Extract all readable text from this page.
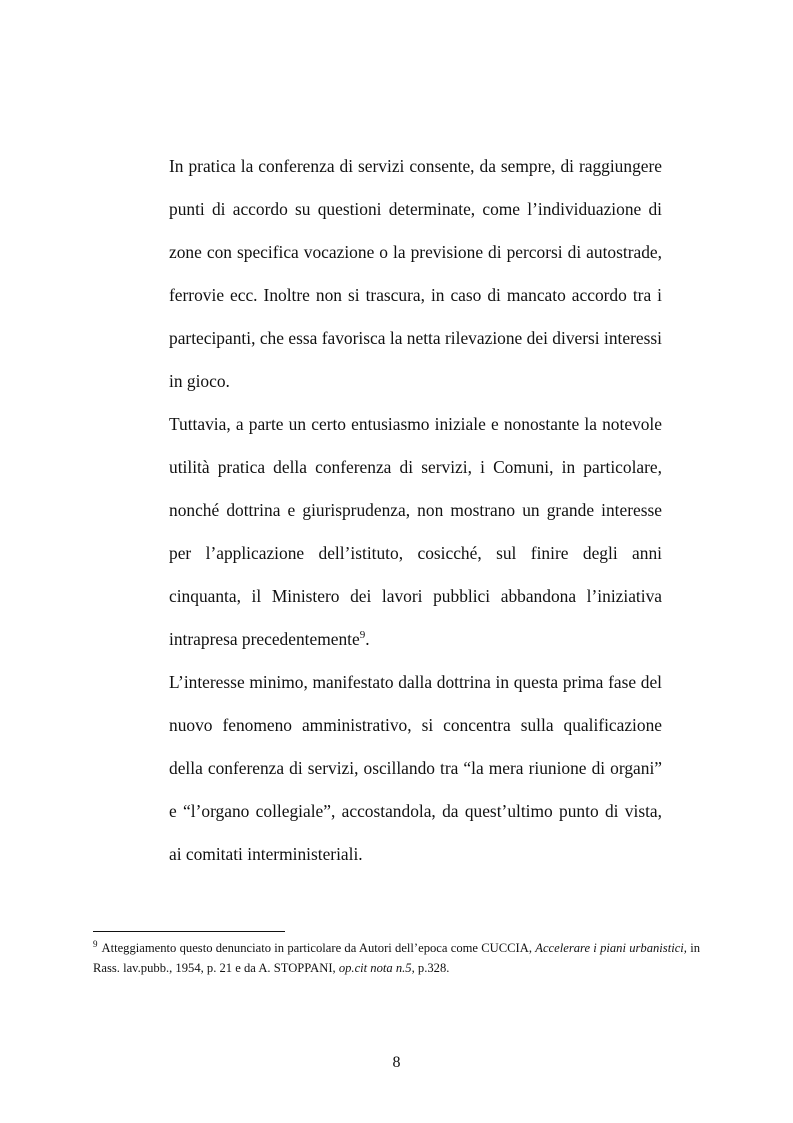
In pratica la conferenza di servizi consente, da sempre, di raggiungere punti di accordo su questioni determinate, come l’individuazione di zone con specifica vocazione o la previsione di percorsi di autostrade, ferrovie ecc. Inoltre non si trascura, in caso di mancato accordo tra i partecipanti, che essa favorisca la netta rilevazione dei diversi interessi in gioco.

Tuttavia, a parte un certo entusiasmo iniziale e nonostante la notevole utilità pratica della conferenza di servizi, i Comuni, in particolare, nonché dottrina e giurisprudenza, non mostrano un grande interesse per l’applicazione dell’istituto, cosicché, sul finire degli anni cinquanta, il Ministero dei lavori pubblici abbandona l’iniziativa intrapresa precedentemente$^9$.

L’interesse minimo, manifestato dalla dottrina in questa prima fase del nuovo fenomeno amministrativo, si concentra sulla qualificazione della conferenza di servizi, oscillando tra “la mera riunione di organi” e “l’organo collegiale”, accostandola, da quest’ultimo punto di vista, ai comitati interministeriali.

$^9$ Atteggiamento questo denunciato in particolare da Autori dell’epoca come CUCCIA, Accelerare i piani urbanistici, in Rass. lav.pubb., 1954, p. 21 e da A. STOPPANI, op.cit nota n.5, p.328.
8
